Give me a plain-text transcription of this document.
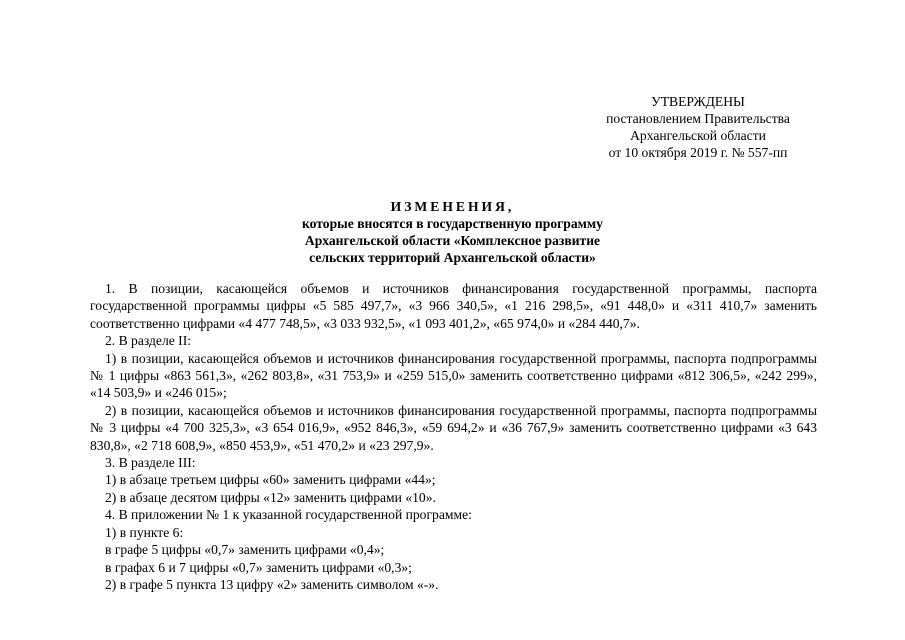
УТВЕРЖДЕНЫ
постановлением Правительства
Архангельской области
от 10 октября 2019 г. № 557-пп
ИЗМЕНЕНИЯ,
которые вносятся в государственную программу
Архангельской области «Комплексное развитие
сельских территорий Архангельской области»

1. В позиции, касающейся объемов и источников финансирования государственной программы, паспорта государственной программы цифры «5 585 497,7», «3 966 340,5», «1 216 298,5», «91 448,0» и «311 410,7» заменить соответственно цифрами «4 477 748,5», «3 033 932,5», «1 093 401,2», «65 974,0» и «284 440,7».

2. В разделе II:

1) в позиции, касающейся объемов и источников финансирования государственной программы, паспорта подпрограммы № 1 цифры «863 561,3», «262 803,8», «31 753,9» и «259 515,0» заменить соответственно цифрами «812 306,5», «242 299», «14 503,9» и «246 015»;

2) в позиции, касающейся объемов и источников финансирования государственной программы, паспорта подпрограммы № 3 цифры «4 700 325,3», «3 654 016,9», «952 846,3», «59 694,2» и «36 767,9» заменить соответственно цифрами «3 643 830,8», «2 718 608,9», «850 453,9», «51 470,2» и «23 297,9».

3. В разделе III:

1) в абзаце третьем цифры «60» заменить цифрами «44»;

2) в абзаце десятом цифры «12» заменить цифрами «10».

4. В приложении № 1 к указанной государственной программе:

1) в пункте 6:

в графе 5 цифры «0,7» заменить цифрами «0,4»;

в графах 6 и 7 цифры «0,7» заменить цифрами «0,3»;

2) в графе 5 пункта 13 цифру «2» заменить символом «-».
